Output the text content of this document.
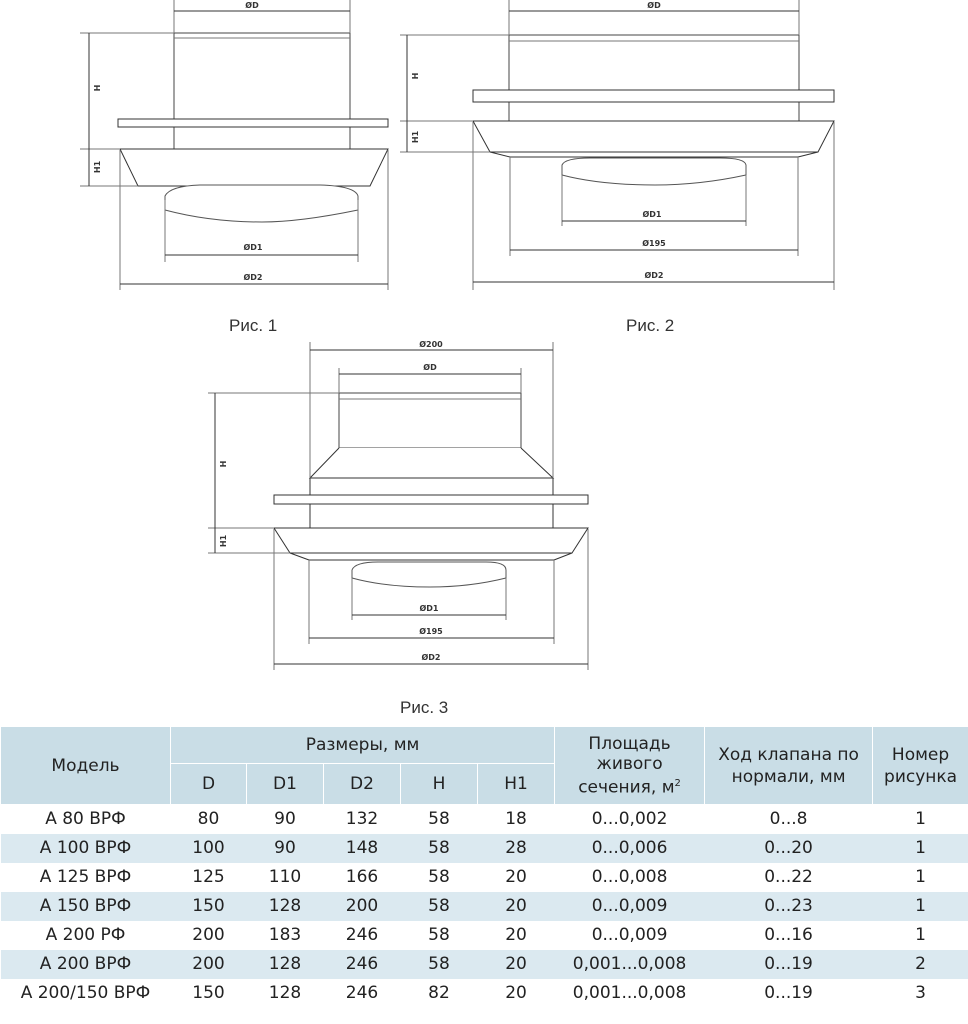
ØD
H
H1
ØD1
ØD2
ØD
H
H1
ØD1
Ø195
ØD2
Ø200
ØD
H
H1
ØD1
Ø195
ØD2
Рис. 1	Рис. 2
Рис. 3
Модель	Размеры, мм					Площадь
живого
сечения, $м^2$	Ход клапана по нормали, мм	Номер рисунка
	D	D1	D2	H	H1			
A 80 ВРФ	80	90	132	58	18	0...0,002	0...8	1
A 100 ВРФ	100	90	148	58	28	0...0,006	0...20	1
A 125 ВРФ	125	110	166	58	20	0...0,008	0...22	1
A 150 ВРФ	150	128	200	58	20	0...0,009	0...23	1
A 200 РФ	200	183	246	58	20	0...0,009	0...16	1
A 200 ВРФ	200	128	246	58	20	0,001...0,008	0...19	2
A 200/150 ВРФ	150	128	246	82	20	0,001...0,008	0...19	3
